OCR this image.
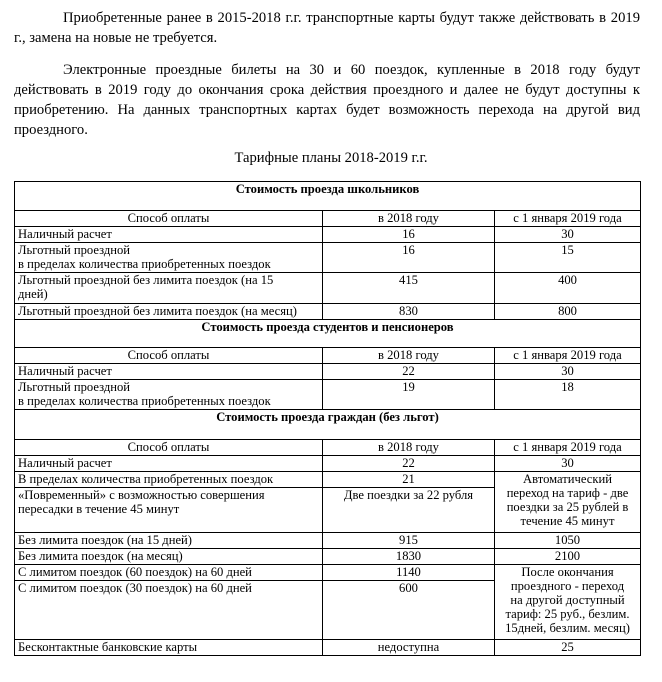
Приобретенные ранее в 2015-2018 г.г. транспортные карты будут также действовать в 2019 г., замена на новые не требуется.

Электронные проездные билеты на 30 и 60 поездок, купленные в 2018 году будут действовать в 2019 году до окончания срока действия проездного и далее не будут доступны к приобретению. На данных транспортных картах будет возможность перехода на другой вид проездного.

Тарифные планы 2018-2019 г.г.
Стоимость проезда школьников		
Способ оплаты	в 2018 году	с 1 января 2019 года
Наличный расчет	16	30

Льготный проездной
в пределах количества приобретенных поездок	16	15

Льготный проездной без лимита поездок (на 15
дней)	415	400
Льготный проездной без лимита поездок (на месяц)	830	800
Стоимость проезда студентов и пенсионеров		
Способ оплаты	в 2018 году	с 1 января 2019 года
Наличный расчет	22	30

Льготный проездной
в пределах количества приобретенных поездок	19	18
Стоимость проезда граждан (без льгот)		
Способ оплаты	в 2018 году	с 1 января 2019 года
Наличный расчет	22	30
В пределах количества приобретенных поездок	21	Автоматический
переход на тариф - две
поездки за 25 рублей в
течение 45 минут

«Повременный» с возможностью совершения
пересадки в течение 45 минут	Две поездки за 22 рубля	
Без лимита поездок (на 15 дней)	915	1050
Без лимита поездок (на месяц)	1830	2100
С лимитом поездок (60 поездок) на 60 дней	1140	После окончания
проездного - переход
на другой доступный
тариф: 25 руб., безлим.
15дней, безлим. месяц)

С лимитом поездок (30 поездок) на 60 дней	600	
Бесконтактные банковские карты	недоступна	25
